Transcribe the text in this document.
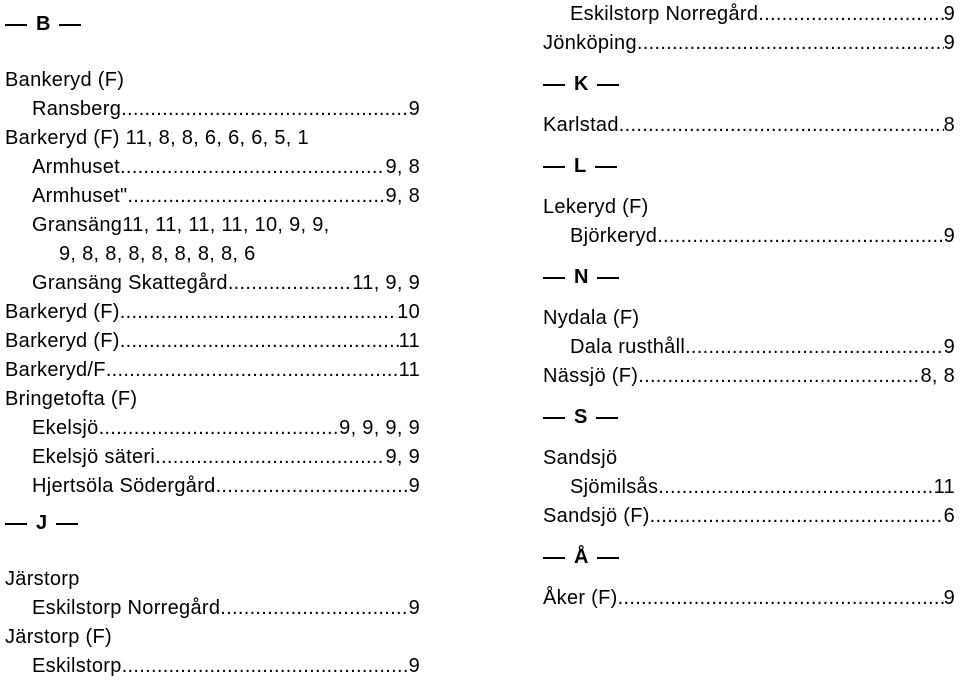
B
Bankeryd (F)
Ransberg .....	9
Barkeryd (F) 11, 8, 8, 6, 6, 6, 5, 1
Armhuset .....	9, 8
Armhuset" .....	9, 8
Gransäng11, 11, 11, 11, 10, 9, 9,
9, 8, 8, 8, 8, 8, 8, 8, 6
Gransäng Skattegård .....	11, 9, 9
Barkeryd (F) .....	10
Barkeryd (F) .....	11
Barkeryd/F .....	11
Bringetofta (F)
Ekelsjö .....	9, 9, 9, 9
Ekelsjö säteri .....	9, 9
Hjertsöla Södergård .....	9
J
Järstorp
Eskilstorp Norregård .....	9
Järstorp (F)
Eskilstorp .....	9
Eskilstorp Norregård .....	9
Jönköping .....	9
K
Karlstad .....	8
L
Lekeryd (F)
Björkeryd .....	9
N
Nydala (F)
Dala rusthåll .....	9
Nässjö (F) .....	8, 8
S
Sandsjö
Sjömilsås .....	11
Sandsjö (F) .....	6
Å
Åker (F) .....	9
